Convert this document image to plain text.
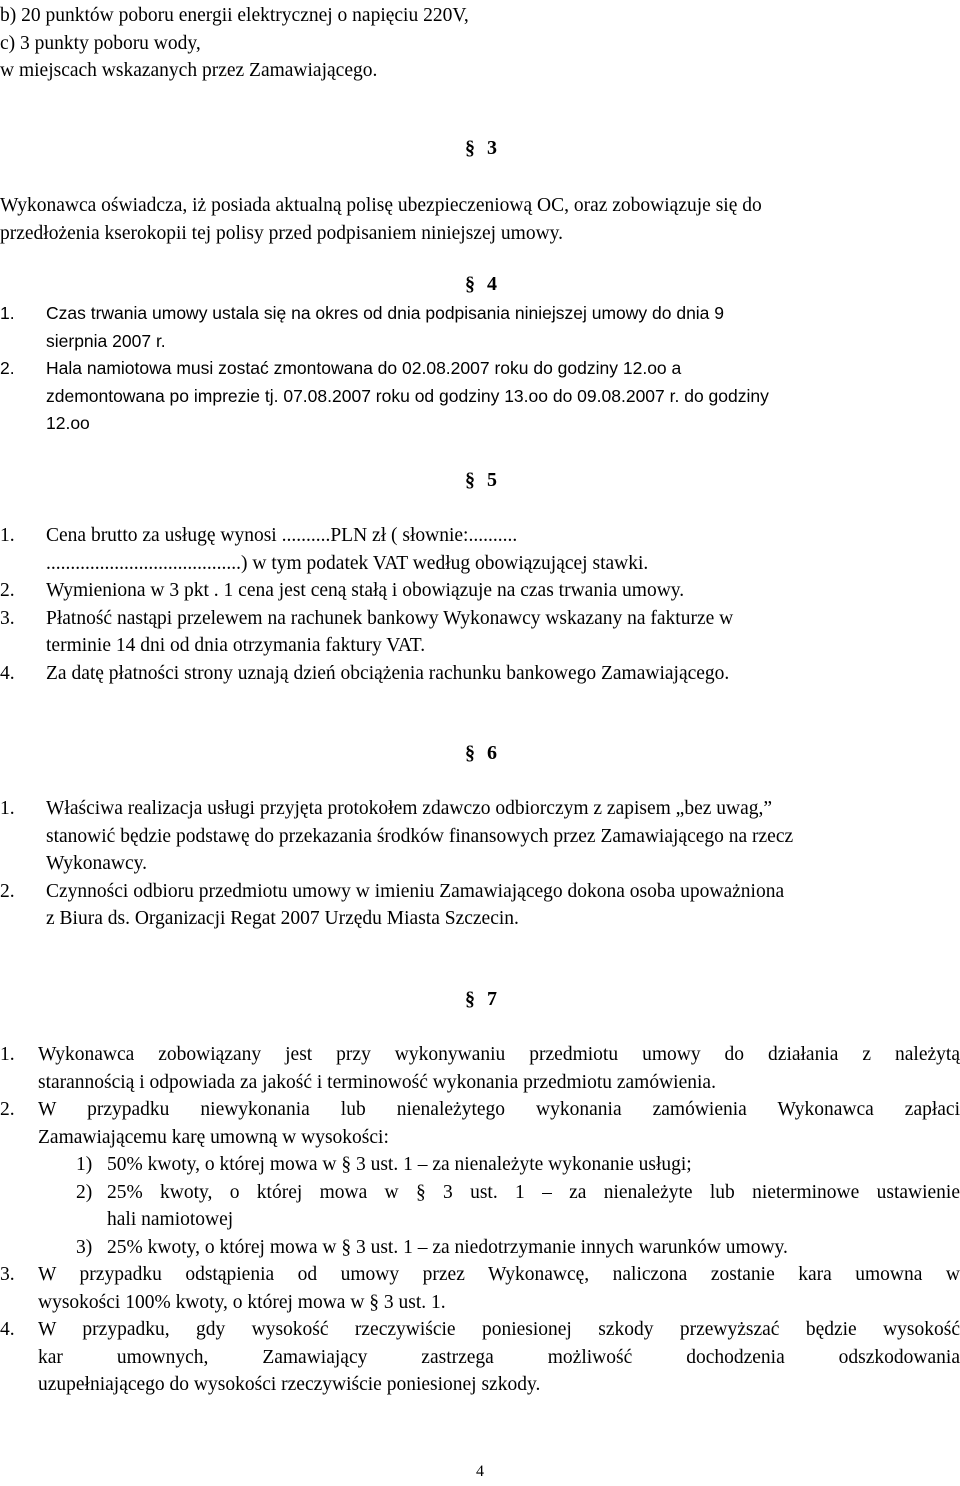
b) 20 punktów poboru energii elektrycznej o napięciu 220V,
c) 3 punkty poboru wody,
w miejscach wskazanych przez Zamawiającego.
§ 3
Wykonawca oświadcza, iż posiada aktualną polisę ubezpieczeniową OC, oraz zobowiązuje się do
przedłożenia kserokopii tej polisy przed podpisaniem niniejszej umowy.
§ 4
1. Czas trwania umowy ustala się na okres od dnia podpisania niniejszej umowy do dnia 9
sierpnia 2007 r.
2. Hala namiotowa musi zostać zmontowana do 02.08.2007 roku do godziny 12.oo a
zdemontowana po imprezie tj. 07.08.2007 roku od godziny 13.oo do 09.08.2007 r. do godziny
12.oo
§ 5
1. Cena brutto za usługę wynosi ..........PLN zł ( słownie:..........
........................................) w tym podatek VAT według obowiązującej stawki.
2. Wymieniona w 3 pkt . 1 cena jest ceną stałą i obowiązuje na czas trwania umowy.
3. Płatność nastąpi przelewem na rachunek bankowy Wykonawcy wskazany na fakturze w
terminie 14 dni od dnia otrzymania faktury VAT.
4. Za datę płatności strony uznają dzień obciążenia rachunku bankowego Zamawiającego.
§ 6
1. Właściwa realizacja usługi przyjęta protokołem zdawczo odbiorczym z zapisem „bez uwag,”
stanowić będzie podstawę do przekazania środków finansowych przez Zamawiającego na rzecz
Wykonawcy.
2. Czynności odbioru przedmiotu umowy w imieniu Zamawiającego dokona osoba upoważniona
z Biura ds. Organizacji Regat 2007 Urzędu Miasta Szczecin.
§ 7
1. Wykonawca zobowiązany jest przy wykonywaniu przedmiotu umowy do działania z należytą
starannością i odpowiada za jakość i terminowość wykonania przedmiotu zamówienia.
2. W przypadku niewykonania lub nienależytego wykonania zamówienia Wykonawca zapłaci
Zamawiającemu karę umowną w wysokości:
1) 50% kwoty, o której mowa w § 3 ust. 1 – za nienależyte wykonanie usługi;
2) 25% kwoty, o której mowa w § 3 ust. 1 – za nienależyte lub nieterminowe ustawienie
hali namiotowej
3) 25% kwoty, o której mowa w § 3 ust. 1 – za niedotrzymanie innych warunków umowy.
3. W przypadku odstąpienia od umowy przez Wykonawcę, naliczona zostanie kara umowna w
wysokości 100% kwoty, o której mowa w § 3 ust. 1.
4. W przypadku, gdy wysokość rzeczywiście poniesionej szkody przewyższać będzie wysokość
kar umownych, Zamawiający zastrzega możliwość dochodzenia odszkodowania
uzupełniającego do wysokości rzeczywiście poniesionej szkody.
4
